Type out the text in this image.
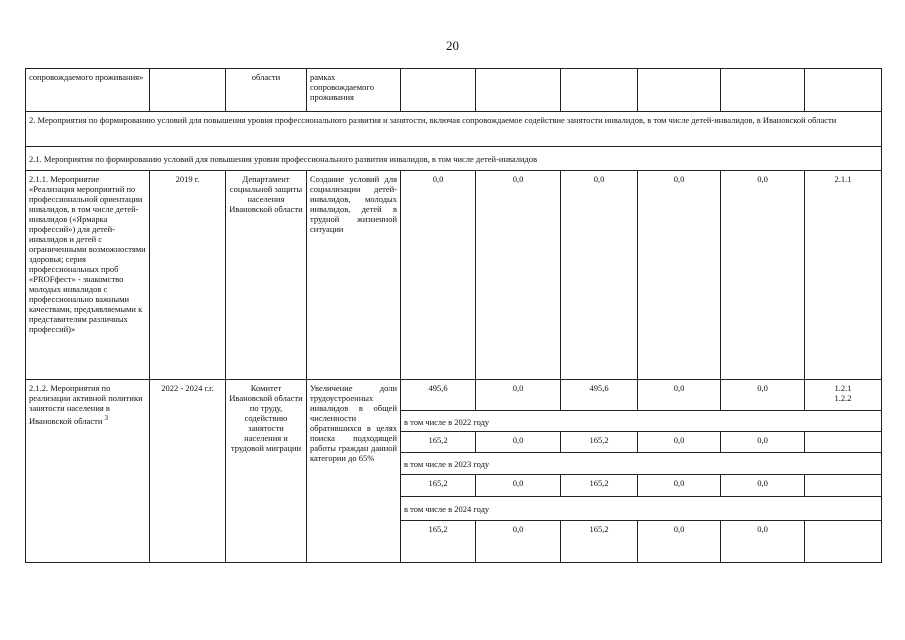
20
сопровождаемого проживания»		области	рамках сопровождаемого проживания						
2. Мероприятия по формированию условий для повышения уровня профессионального развития и занятости, включая сопровождаемое содействие занятости инвалидов, в том числе детей-инвалидов, в Ивановской области									
2.1. Мероприятия по формированию условий для повышения уровня профессионального развития инвалидов, в том числе детей-инвалидов									
2.1.1. Мероприятие «Реализация мероприятий по профессиональной ориентации инвалидов, в том числе детей-инвалидов («Ярмарка профессий») для детей-инвалидов и детей с ограниченными возможностями здоровья; серия профессиональных проб «PROFфест» - знакомство молодых инвалидов с профессионально важными качествами, предъявляемыми к представителям различных профессий)»	2019 г.	Департамент социальной защиты населения Ивановской области	Создание условий для социализации детей-инвалидов, молодых инвалидов, детей в трудной жизненной ситуации	0,0	0,0	0,0	0,0	0,0	2.1.1
2.1.2. Мероприятия по реализации активной политики занятости населения в Ивановской области $^3$	2022 - 2024 г.г.	Комитет Ивановской области по труду, содействию занятости населения и трудовой миграции	Увеличение доли трудоустроенных инвалидов в общей численности обратившихся в целях поиска подходящей работы граждан данной категории до 65%	495,6	0,0	495,6	0,0	0,0	1.2.1
1.2.2

				в том числе в 2022 году					
				165,2	0,0	165,2	0,0	0,0	
				в том числе в 2023 году					
				165,2	0,0	165,2	0,0	0,0	
				в том числе в 2024 году					
				165,2	0,0	165,2	0,0	0,0	
